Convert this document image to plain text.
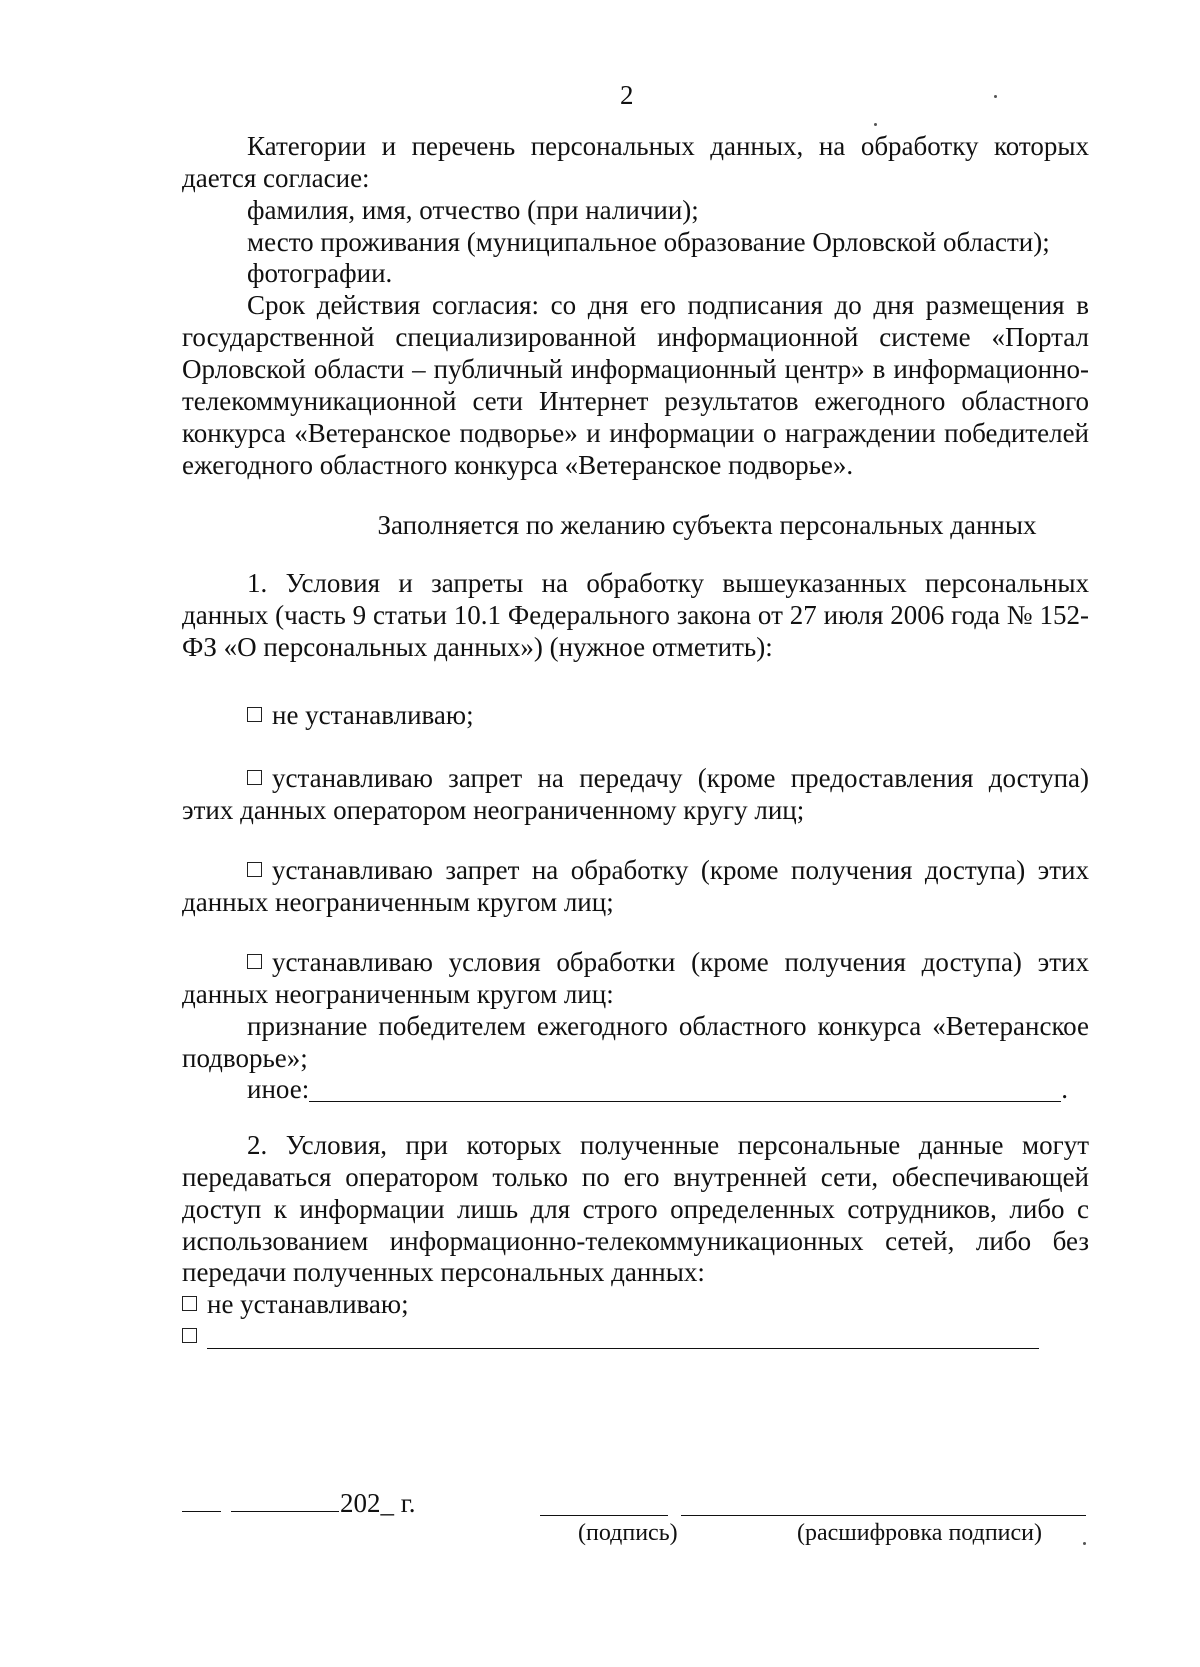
2
Категории и перечень персональных данных, на обработку которых дается согласие:
фамилия, имя, отчество (при наличии);
место проживания (муниципальное образование Орловской области);
фотографии.
Срок действия согласия: со дня его подписания до дня размещения в государственной специализированной информационной системе «Портал Орловской области – публичный информационный центр» в информационно-телекоммуникационной сети Интернет результатов ежегодного областного конкурса «Ветеранское подворье» и информации о награждении победителей ежегодного областного конкурса «Ветеранское подворье».
Заполняется по желанию субъекта персональных данных
1. Условия и запреты на обработку вышеуказанных персональных данных (часть 9 статьи 10.1 Федерального закона от 27 июля 2006 года № 152-ФЗ «О персональных данных») (нужное отметить):
не устанавливаю;
устанавливаю запрет на передачу (кроме предоставления доступа) этих данных оператором неограниченному кругу лиц;
устанавливаю запрет на обработку (кроме получения доступа) этих данных неограниченным кругом лиц;
устанавливаю условия обработки (кроме получения доступа) этих данных неограниченным кругом лиц:
признание победителем ежегодного областного конкурса «Ветеранское подворье»;
иное:	.
2. Условия, при которых полученные персональные данные могут передаваться оператором только по его внутренней сети, обеспечивающей доступ к информации лишь для строго определенных сотрудников, либо с использованием информационно-телекоммуникационных сетей, либо без передачи полученных персональных данных:
не устанавливаю;
202_ г.
(подпись)	(расшифровка подписи)
